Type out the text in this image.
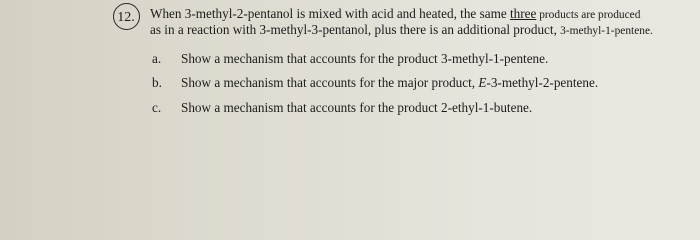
12.	When 3-methyl-2-pentanol is mixed with acid and heated, the same three products are produced
as in a reaction with 3-methyl-3-pentanol, plus there is an additional product, 3-methyl-1-pentene.
a. Show a mechanism that accounts for the product 3-methyl-1-pentene.
b. Show a mechanism that accounts for the major product, E-3-methyl-2-pentene.
c. Show a mechanism that accounts for the product 2-ethyl-1-butene.
